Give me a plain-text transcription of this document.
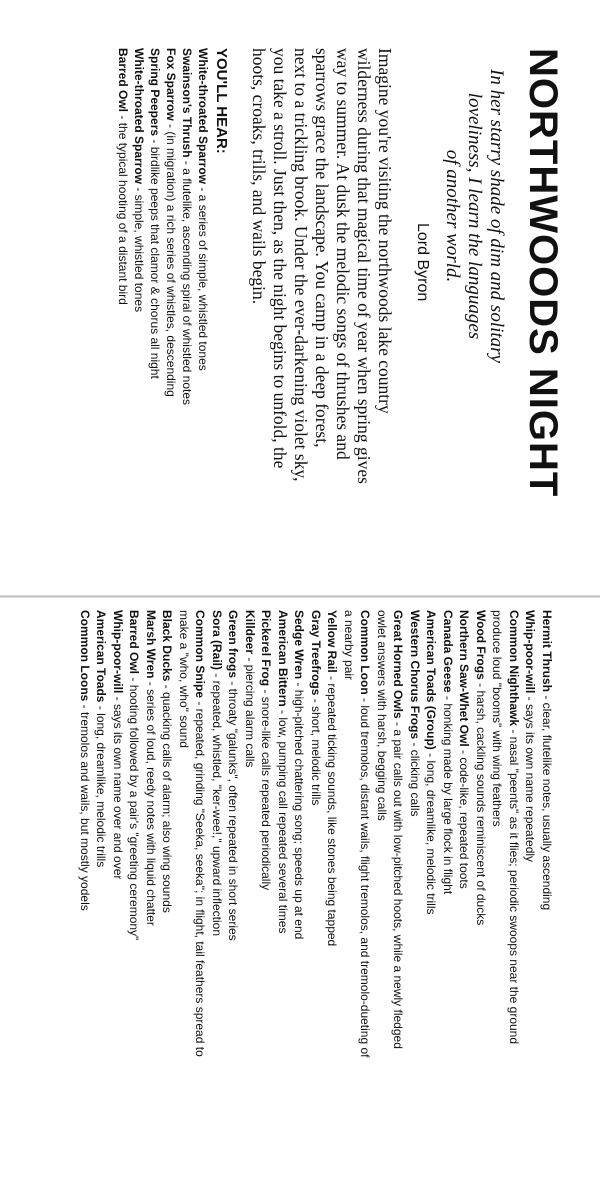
NORTHWOODS NIGHT
In her starry shade of dim and solitary
loveliness, I learn the languages
of another world.
Lord Byron
Imagine you're visiting the northwoods lake country
wilderness during that magical time of year when spring gives
way to summer. At dusk the melodic songs of thrushes and
sparrows grace the landscape. You camp in a deep forest,
next to a trickling brook. Under the ever-darkening violet sky,
you take a stroll. Just then, as the night begins to unfold, the
hoots, croaks, trills, and wails begin.
YOU'LL HEAR:
White-throated Sparrow - a series of simple, whistled tones
Swainson's Thrush - a flutelike, ascending spiral of whistled notes
Fox Sparrow - (in migration) a rich series of whistles, descending
Spring Peepers - birdlike peeps that clamor & chorus all night
White-throated Sparrow - simple, whistled tones
Barred Owl - the typical hooting of a distant bird
Hermit Thrush - clear, flutelike notes, usually ascending
Whip-poor-will - says its own name repeatedly
Common Nighthawk - nasal "peents" as it flies; periodic swoops near the ground
produce loud "booms" with wing feathers
Wood Frogs - harsh, cackling sounds reminiscent of ducks
Northern Saw-Whet Owl - code-like, repeated toots
Canada Geese - honking made by large flock in flight
American Toads (Group) - long, dreamlike, melodic trills
Western Chorus Frogs - clicking calls
Great Horned Owls - a pair calls out with low-pitched hoots, while a newly fledged
owlet answers with harsh, begging calls
Common Loon - loud tremolos, distant wails, flight tremolos, and tremolo-dueting of
a nearby pair
Yellow Rail - repeated ticking sounds, like stones being tapped
Gray Treefrogs - short, melodic trills
Sedge Wren - high-pitched chattering song; speeds up at end
American Bittern - low, pumping call repeated several times
Pickerel Frog - snore-like calls repeated periodically
Killdeer - piercing alarm calls
Green frogs - throaty "galunks", often repeated in short series
Sora (Rail) - repeated, whistled, "ker-wee!," upward inflection
Common Snipe - repeated, grinding "Seeka, seeka"; in flight, tail feathers spread to
make a "who, who" sound
Black Ducks - quacking calls of alarm; also wing sounds
Marsh Wren - series of loud, reedy notes with liquid chatter
Barred Owl - hooting followed by a pair's "greeting ceremony"
Whip-poor-will - says its own name over and over
American Toads - long, dreamlike, melodic trills
Common Loons - tremolos and wails, but mostly yodels
